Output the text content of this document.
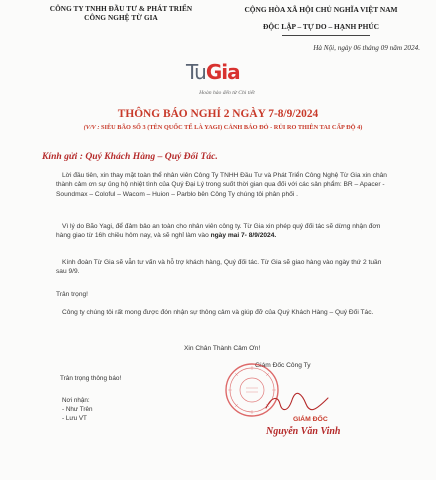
CÔNG TY TNHH ĐẦU TƯ & PHÁT TRIỂN
CÔNG NGHỆ TỪ GIA
CỘNG HÒA XÃ HỘI CHỦ NGHĨA VIỆT NAM
ĐỘC LẬP – TỰ DO – HẠNH PHÚC
Hà Nội, ngày 06 tháng 09 năm 2024.
TuGia
Hoàn hảo đến từ Chi tiết
THÔNG BÁO NGHỈ 2 NGÀY 7-8/9/2024
(V/V : SIÊU BÃO SỐ 3 (TÊN QUỐC TẾ LÀ YAGI) CẢNH BÁO ĐỎ - RỦI RO THIÊN TAI CẤP ĐỘ 4)
Kính gửi : Quý Khách Hàng – Quý Đối Tác.
Lời đầu tiên, xin thay mặt toàn thể nhân viên Công Ty TNHH Đầu Tư và Phát Triển Công Nghệ Từ Gia xin chân thành cảm ơn sự ủng hộ nhiệt tình của Quý Đại Lý trong suốt thời gian qua đối với các sản phẩm: BR – Apacer - Soundmax – Coloful – Wacom – Huion – Parblo bên Công Ty chúng tôi phân phối .
Vì lý do Bão Yagi, để đảm bảo an toàn cho nhân viên công ty. Từ Gia xin phép quý đối tác sẽ dừng nhận đơn hàng giao từ 16h chiều hôm nay, và sẽ nghỉ làm vào ngày mai 7- 8/9/2024.
Kính đoàn Từ Gia sẽ vẫn tư vấn và hỗ trợ khách hàng, Quý đối tác. Từ Gia sẽ giao hàng vào ngày thứ 2 tuần sau 9/9.
Trân trọng!
Công ty chúng tôi rất mong được đón nhận sự thông cảm và giúp đỡ của Quý Khách Hàng – Quý Đối Tác.
Xin Chân Thành Cảm Ơn!
Trân trọng thông báo!
Nơi nhận:
- Như Trên
- Lưu VT
Giám Đốc Công Ty
GIÁM ĐỐC
Nguyễn Văn Vinh
